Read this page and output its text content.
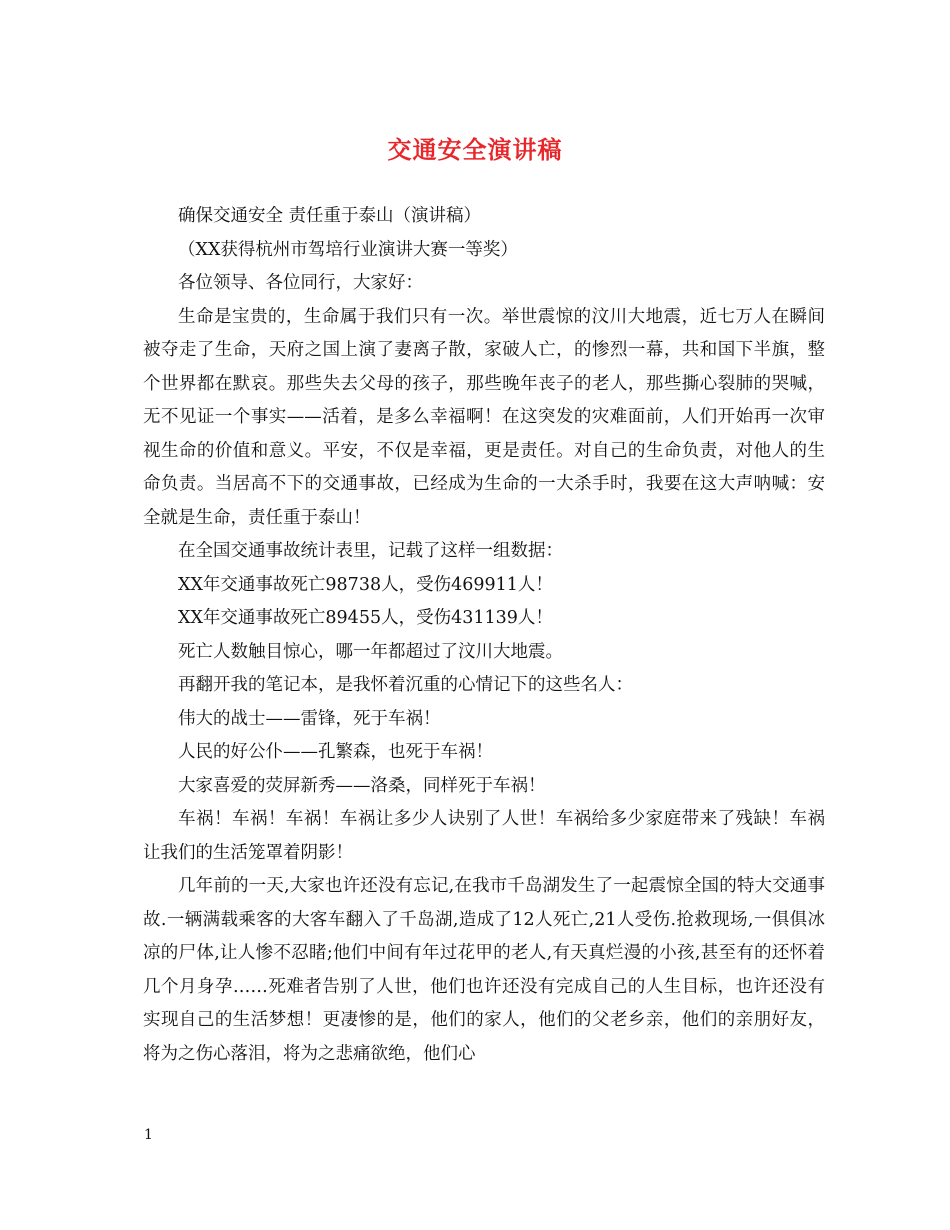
交通安全演讲稿

确保交通安全 责任重于泰山（演讲稿）

（XX获得杭州市驾培行业演讲大赛一等奖）

各位领导、各位同行，大家好：

生命是宝贵的，生命属于我们只有一次。举世震惊的汶川大地震，近七万人在瞬间被夺走了生命，天府之国上演了妻离子散，家破人亡，的惨烈一幕，共和国下半旗，整个世界都在默哀。那些失去父母的孩子，那些晚年丧子的老人，那些撕心裂肺的哭喊，无不见证一个事实——活着，是多么幸福啊！在这突发的灾难面前，人们开始再一次审视生命的价值和意义。平安，不仅是幸福，更是责任。对自己的生命负责，对他人的生命负责。当居高不下的交通事故，已经成为生命的一大杀手时，我要在这大声呐喊：安全就是生命，责任重于泰山！

在全国交通事故统计表里，记载了这样一组数据：

XX年交通事故死亡98738人，受伤469911人！

XX年交通事故死亡89455人，受伤431139人！

死亡人数触目惊心，哪一年都超过了汶川大地震。

再翻开我的笔记本，是我怀着沉重的心情记下的这些名人：

伟大的战士——雷锋，死于车祸！

人民的好公仆——孔繁森，也死于车祸！

大家喜爱的荧屏新秀——洛桑，同样死于车祸！

车祸！车祸！车祸！车祸让多少人诀别了人世！车祸给多少家庭带来了残缺！车祸让我们的生活笼罩着阴影！

几年前的一天,大家也许还没有忘记,在我市千岛湖发生了一起震惊全国的特大交通事故.一辆满载乘客的大客车翻入了千岛湖,造成了12人死亡,21人受伤.抢救现场,一俱俱冰凉的尸体,让人惨不忍睹;他们中间有年过花甲的老人,有天真烂漫的小孩,甚至有的还怀着几个月身孕……死难者告别了人世，他们也许还没有完成自己的人生目标，也许还没有实现自己的生活梦想！更凄惨的是，他们的家人，他们的父老乡亲，他们的亲朋好友，将为之伤心落泪，将为之悲痛欲绝，他们心

1
